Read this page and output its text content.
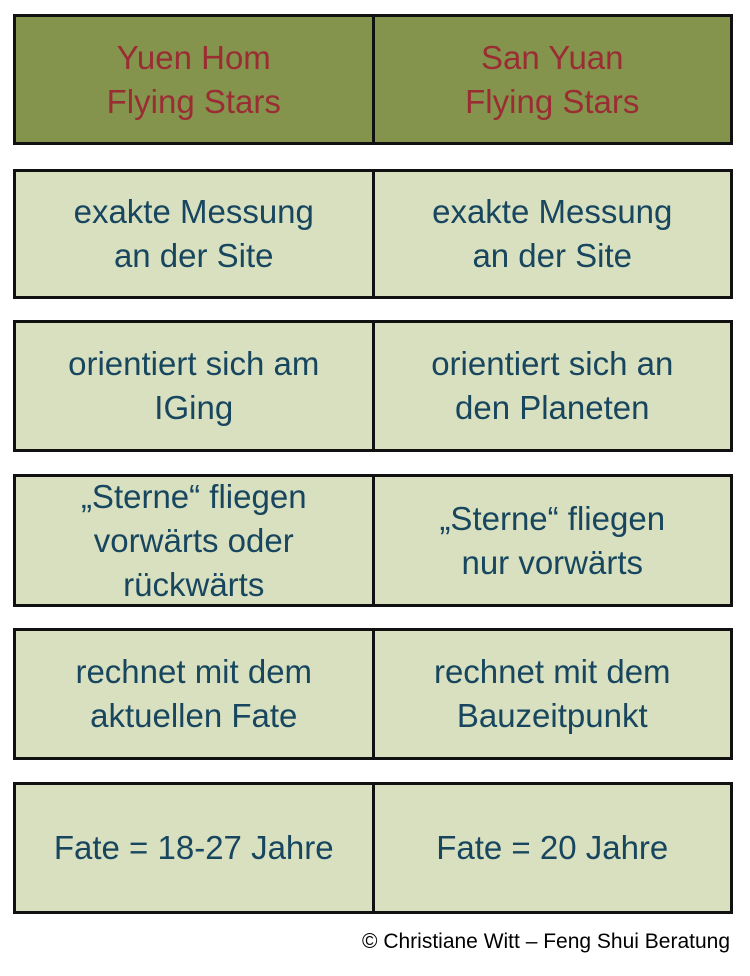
Yuen Hom
Flying Stars
San Yuan
Flying Stars
exakte Messung
an der Site
exakte Messung
an der Site
orientiert sich am
IGing
orientiert sich an
den Planeten
„Sterne“ fliegen
vorwärts oder
rückwärts
„Sterne“ fliegen
nur vorwärts
rechnet mit dem
aktuellen Fate
rechnet mit dem
Bauzeitpunkt
Fate = 18-27 Jahre	Fate = 20 Jahre
© Christiane Witt – Feng Shui Beratung
